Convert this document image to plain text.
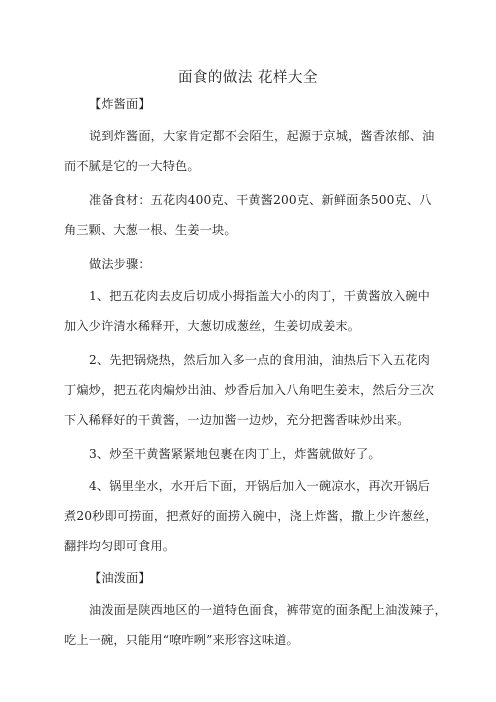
面食的做法 花样大全
【炸酱面】
说到炸酱面，大家肯定都不会陌生，起源于京城，酱香浓郁、油
而不腻是它的一大特色。
准备食材：五花肉400克、干黄酱200克、新鲜面条500克、八
角三颗、大葱一根、生姜一块。
做法步骤：
1、把五花肉去皮后切成小拇指盖大小的肉丁，干黄酱放入碗中
加入少许清水稀释开，大葱切成葱丝，生姜切成姜末。
2、先把锅烧热，然后加入多一点的食用油，油热后下入五花肉
丁煸炒，把五花肉煸炒出油、炒香后加入八角吧生姜末，然后分三次
下入稀释好的干黄酱，一边加酱一边炒，充分把酱香味炒出来。
3、炒至干黄酱紧紧地包裹在肉丁上，炸酱就做好了。
4、锅里坐水，水开后下面，开锅后加入一碗凉水，再次开锅后
煮20秒即可捞面，把煮好的面捞入碗中，浇上炸酱，撒上少许葱丝，
翻拌均匀即可食用。
【油泼面】
油泼面是陕西地区的一道特色面食，裤带宽的面条配上油泼辣子，
吃上一碗，只能用“嘹咋咧”来形容这味道。
